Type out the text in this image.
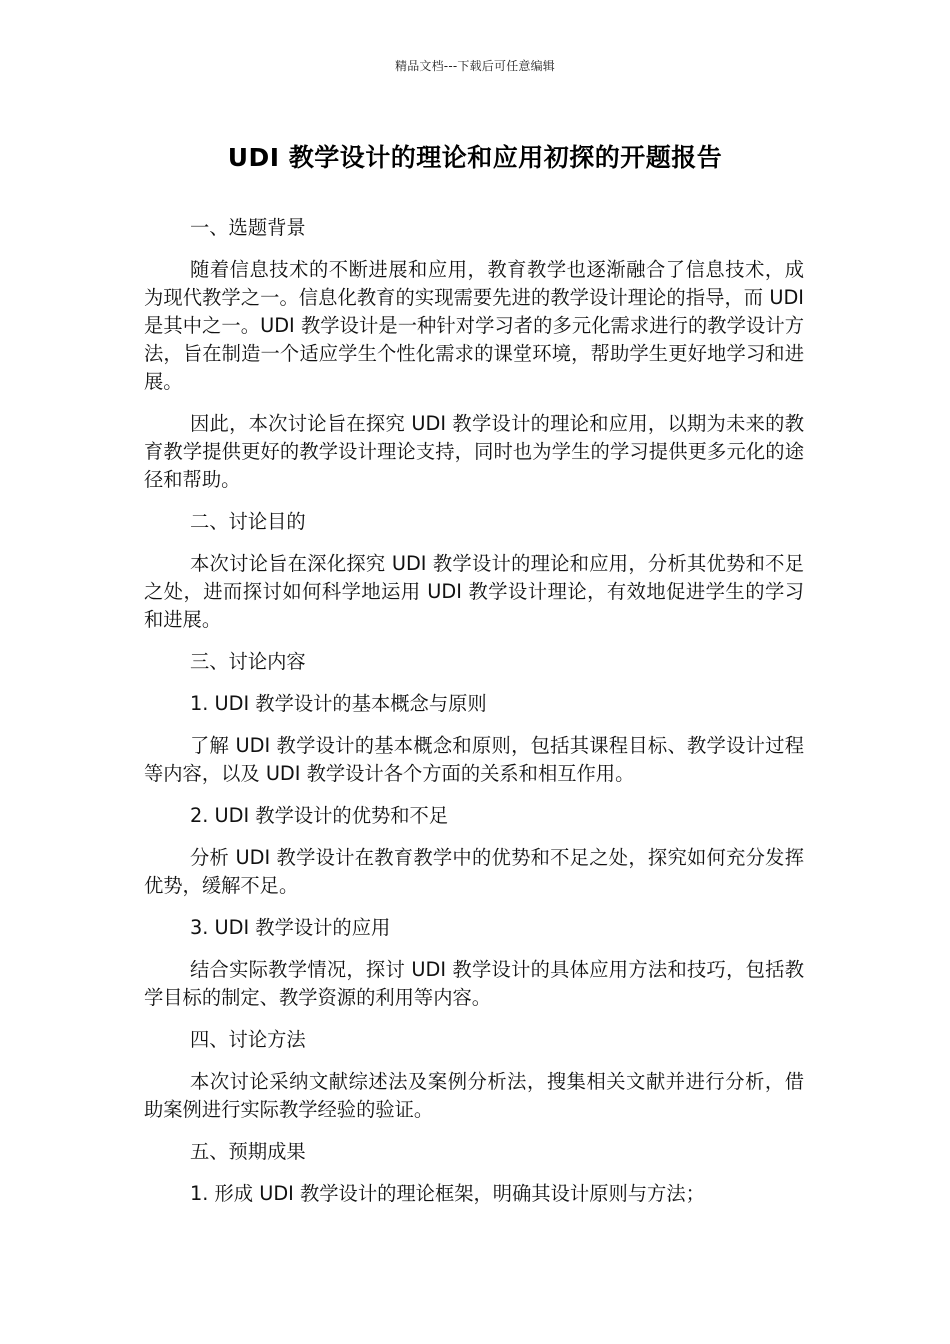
精品文档---下载后可任意编辑
UDI 教学设计的理论和应用初探的开题报告
一、选题背景
随着信息技术的不断进展和应用，教育教学也逐渐融合了信息技术，成为现代教学之一。信息化教育的实现需要先进的教学设计理论的指导，而 UDI 是其中之一。UDI 教学设计是一种针对学习者的多元化需求进行的教学设计方法，旨在制造一个适应学生个性化需求的课堂环境，帮助学生更好地学习和进展。
因此，本次讨论旨在探究 UDI 教学设计的理论和应用，以期为未来的教育教学提供更好的教学设计理论支持，同时也为学生的学习提供更多元化的途径和帮助。
二、讨论目的
本次讨论旨在深化探究 UDI 教学设计的理论和应用，分析其优势和不足之处，进而探讨如何科学地运用 UDI 教学设计理论，有效地促进学生的学习和进展。
三、讨论内容
1. UDI 教学设计的基本概念与原则
了解 UDI 教学设计的基本概念和原则，包括其课程目标、教学设计过程等内容，以及 UDI 教学设计各个方面的关系和相互作用。
2. UDI 教学设计的优势和不足
分析 UDI 教学设计在教育教学中的优势和不足之处，探究如何充分发挥优势，缓解不足。
3. UDI 教学设计的应用
结合实际教学情况，探讨 UDI 教学设计的具体应用方法和技巧，包括教学目标的制定、教学资源的利用等内容。
四、讨论方法
本次讨论采纳文献综述法及案例分析法，搜集相关文献并进行分析，借助案例进行实际教学经验的验证。
五、预期成果
1. 形成 UDI 教学设计的理论框架，明确其设计原则与方法；
